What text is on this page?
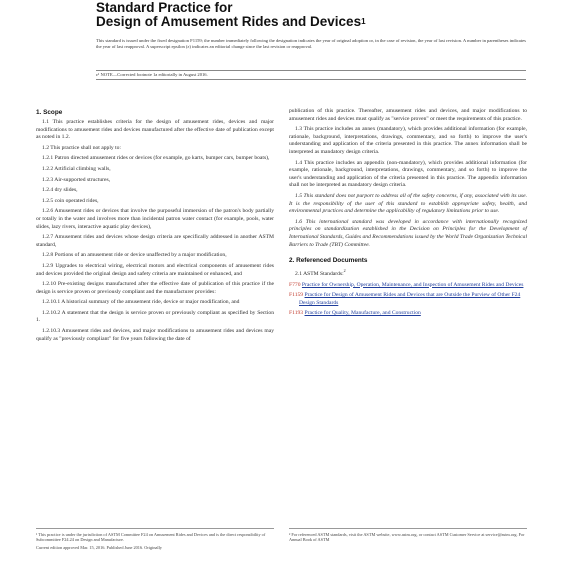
Standard Practice for
Design of Amusement Rides and Devices$^1$
This standard is issued under the fixed designation F1159; the number immediately following the designation indicates the year of original adoption or, in the case of revision, the year of last revision. A number in parentheses indicates the year of last reapproval. A superscript epsilon (ε) indicates an editorial change since the last revision or reapproval.
ε¹ NOTE—Corrected footnote 1a editorially in August 2016.
1. Scope
1.1 This practice establishes criteria for the design of amusement rides, devices and major modifications to amusement rides and devices manufactured after the effective date of publication except as noted in 1.2.
1.2 This practice shall not apply to:
1.2.1 Patron directed amusement rides or devices (for example, go karts, bumper cars, bumper boats),
1.2.2 Artificial climbing walls,
1.2.3 Air-supported structures,
1.2.4 dry slides,
1.2.5 coin operated rides,
1.2.6 Amusement rides or devices that involve the purposeful immersion of the patron's body partially or totally in the water and involves more than incidental patron water contact (for example, pools, water slides, lazy rivers, interactive aquatic play devices),
1.2.7 Amusement rides and devices whose design criteria are specifically addressed in another ASTM standard,
1.2.8 Portions of an amusement ride or device unaffected by a major modification,
1.2.9 Upgrades to electrical wiring, electrical motors and electrical components of amusement rides and devices provided the original design and safety criteria are maintained or enhanced, and
1.2.10 Pre-existing designs manufactured after the effective date of publication of this practice if the design is service proven or previously compliant and the manufacturer provides:
1.2.10.1 A historical summary of the amusement ride, device or major modification, and
1.2.10.2 A statement that the design is service proven or previously compliant as specified by Section 1.
1.2.10.3 Amusement rides and devices, and major modifications to amusement rides and devices may qualify as "previously compliant" for five years following the date of
publication of this practice. Thereafter, amusement rides and devices, and major modifications to amusement rides and devices must qualify as "service proven" or meet the requirements of this practice.
1.3 This practice includes an annex (mandatory), which provides additional information (for example, rationale, background, interpretations, drawings, commentary, and so forth) to improve the user's understanding and application of the criteria presented in this practice. The annex information shall be interpreted as mandatory design criteria.
1.4 This practice includes an appendix (non-mandatory), which provides additional information (for example, rationale, background, interpretations, drawings, commentary, and so forth) to improve the user's understanding and application of the criteria presented in this practice. The appendix information shall not be interpreted as mandatory design criteria.
1.5 This standard does not purport to address all of the safety concerns, if any, associated with its use. It is the responsibility of the user of this standard to establish appropriate safety, health, and environmental practices and determine the applicability of regulatory limitations prior to use.
1.6 This international standard was developed in accordance with internationally recognized principles on standardization established in the Decision on Principles for the Development of International Standards, Guides and Recommendations issued by the World Trade Organization Technical Barriers to Trade (TBT) Committee.
2. Referenced Documents
2.1 ASTM Standards:$^2$
F770 Practice for Ownership, Operation, Maintenance, and Inspection of Amusement Rides and Devices
F1159 Practice for Design of Amusement Rides and Devices that are Outside the Purview of Other F24 Design Standards
F1193 Practice for Quality, Manufacture, and Construction
¹ This practice is under the jurisdiction of ASTM Committee F24 on Amusement Rides and Devices and is the direct responsibility of Subcommittee F24.24 on Design and Manufacture.
Current edition approved Mar. 15, 2016. Published June 2016. Originally
² For referenced ASTM standards, visit the ASTM website, www.astm.org, or contact ASTM Customer Service at service@astm.org. For Annual Book of ASTM
